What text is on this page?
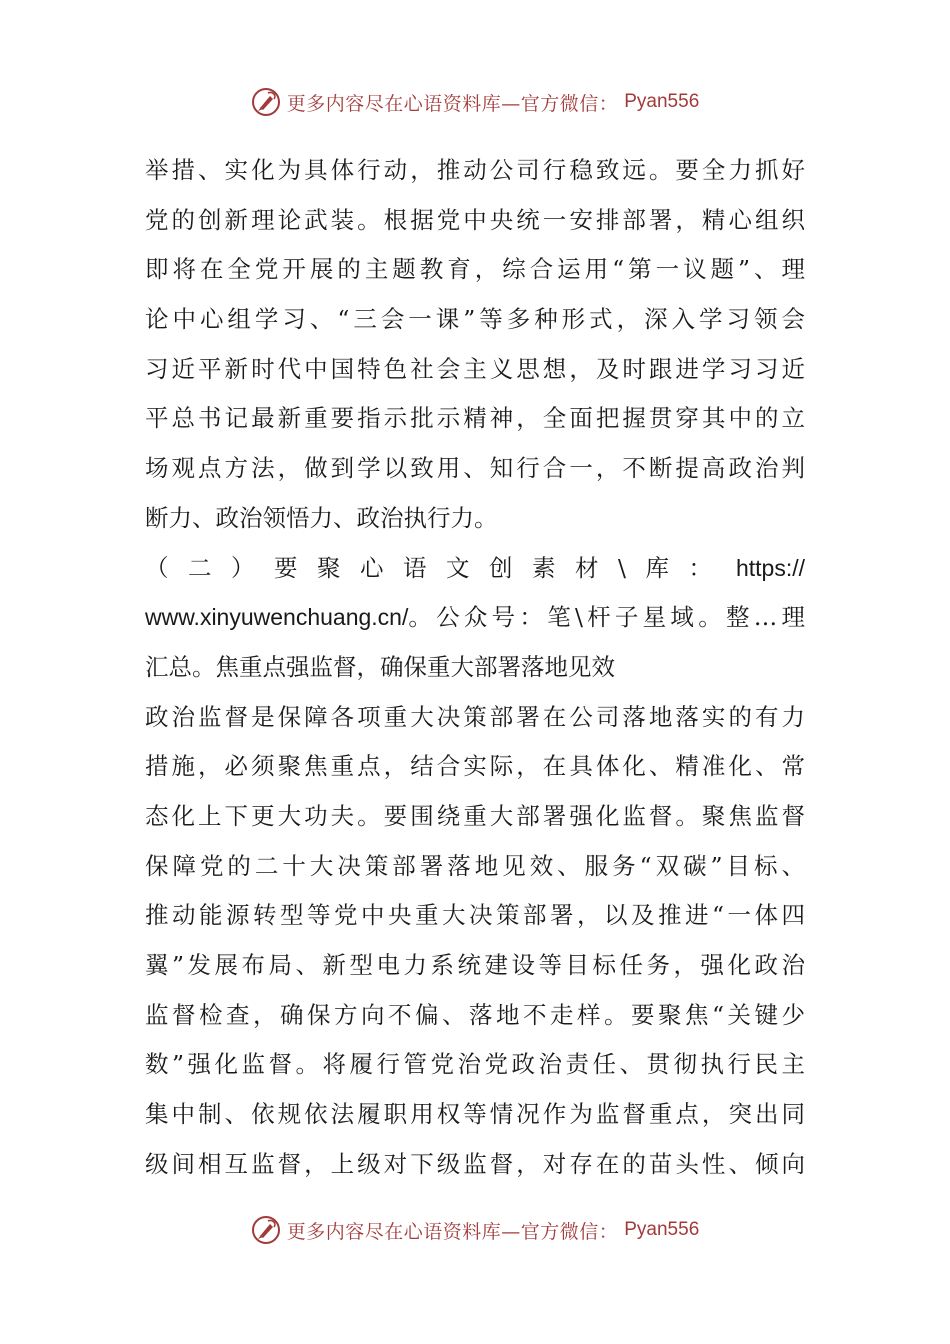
更多内容尽在心语资料库—官方微信： Pyan556
举措、实化为具体行动，推动公司行稳致远。要全力抓好
党的创新理论武装。根据党中央统一安排部署，精心组织
即将在全党开展的主题教育，综合运用“第一议题”、理
论中心组学习、“三会一课”等多种形式，深入学习领会
习近平新时代中国特色社会主义思想，及时跟进学习习近
平总书记最新重要指示批示精神，全面把握贯穿其中的立
场观点方法，做到学以致用、知行合一，不断提高政治判
断力、政治领悟力、政治执行力。
（二）要聚心语文创素材\库：	https://
www.xinyuwenchuang.cn/ 。公众号：笔\杆子星域。整…理
汇总。焦重点强监督，确保重大部署落地见效
政治监督是保障各项重大决策部署在公司落地落实的有力
措施，必须聚焦重点，结合实际，在具体化、精准化、常
态化上下更大功夫。要围绕重大部署强化监督。聚焦监督
保障党的二十大决策部署落地见效、服务“双碳”目标、
推动能源转型等党中央重大决策部署，以及推进“一体四
翼”发展布局、新型电力系统建设等目标任务，强化政治
监督检查，确保方向不偏、落地不走样。要聚焦“关键少
数”强化监督。将履行管党治党政治责任、贯彻执行民主
集中制、依规依法履职用权等情况作为监督重点，突出同
级间相互监督，上级对下级监督，对存在的苗头性、倾向
更多内容尽在心语资料库—官方微信： Pyan556
